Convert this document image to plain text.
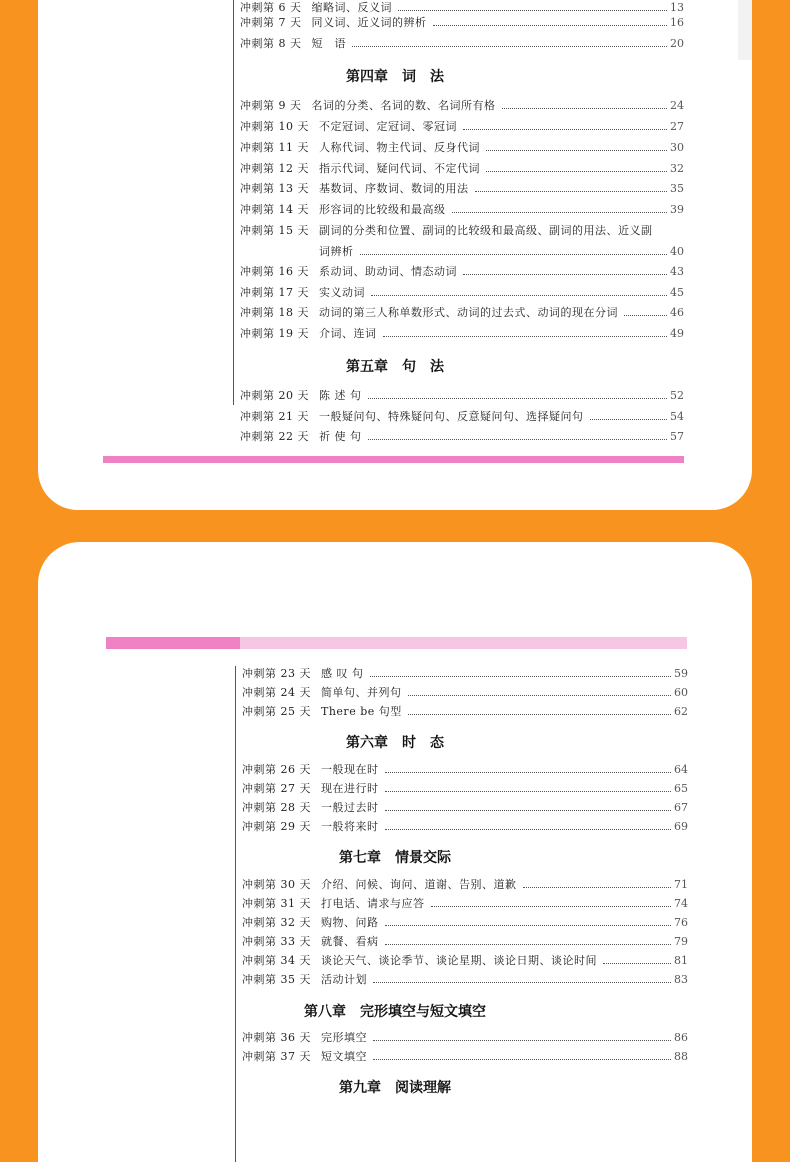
冲刺第 6 天 缩略词、反义词	13
冲刺第 7 天 同义词、近义词的辨析	16
冲刺第 8 天 短　语	20
第四章　词　法
冲刺第 9 天 名词的分类、名词的数、名词所有格	24
冲刺第 10 天 不定冠词、定冠词、零冠词	27
冲刺第 11 天 人称代词、物主代词、反身代词	30
冲刺第 12 天 指示代词、疑问代词、不定代词	32
冲刺第 13 天 基数词、序数词、数词的用法	35
冲刺第 14 天 形容词的比较级和最高级	39
冲刺第 15 天 副词的分类和位置、副词的比较级和最高级、副词的用法、近义副
词辨析	40
冲刺第 16 天 系动词、助动词、情态动词	43
冲刺第 17 天 实义动词	45
冲刺第 18 天 动词的第三人称单数形式、动词的过去式、动词的现在分词	46
冲刺第 19 天 介词、连词	49
第五章　句　法
冲刺第 20 天 陈 述 句	52
冲刺第 21 天 一般疑问句、特殊疑问句、反意疑问句、选择疑问句	54
冲刺第 22 天 祈 使 句	57
冲刺第 23 天 感 叹 句	59
冲刺第 24 天 简单句、并列句	60
冲刺第 25 天 There be 句型	62
第六章　时　态
冲刺第 26 天 一般现在时	64
冲刺第 27 天 现在进行时	65
冲刺第 28 天 一般过去时	67
冲刺第 29 天 一般将来时	69
第七章　情景交际
冲刺第 30 天 介绍、问候、询问、道谢、告别、道歉	71
冲刺第 31 天 打电话、请求与应答	74
冲刺第 32 天 购物、问路	76
冲刺第 33 天 就餐、看病	79
冲刺第 34 天 谈论天气、谈论季节、谈论星期、谈论日期、谈论时间	81
冲刺第 35 天 活动计划	83
第八章　完形填空与短文填空
冲刺第 36 天 完形填空	86
冲刺第 37 天 短文填空	88
第九章　阅读理解
